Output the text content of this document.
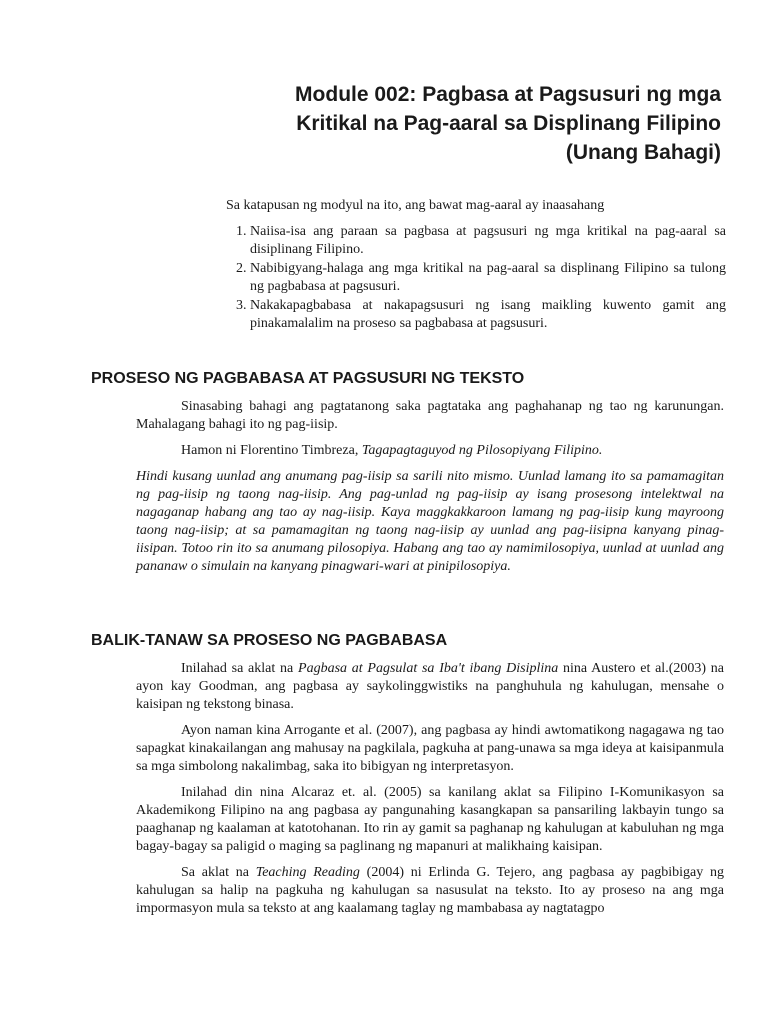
Module 002: Pagbasa at Pagsusuri ng mga
Kritikal na Pag-aaral sa Displinang Filipino
(Unang Bahagi)

Sa katapusan ng modyul na ito, ang bawat mag-aaral ay inaasahang

1. Naiisa-isa ang paraan sa pagbasa at pagsusuri ng mga kritikal na pag-aaral sa disiplinang Filipino.
2. Nabibigyang-halaga ang mga kritikal na pag-aaral sa displinang Filipino sa tulong ng pagbabasa at pagsusuri.
3. Nakakapagbabasa at nakapagsusuri ng isang maikling kuwento gamit ang pinakamalalim na proseso sa pagbabasa at pagsusuri.
PROSESO NG PAGBABASA AT PAGSUSURI NG TEKSTO

Sinasabing bahagi ang pagtatanong saka pagtataka ang paghahanap ng tao ng karunungan. Mahalagang bahagi ito ng pag-iisip.

Hamon ni Florentino Timbreza, Tagapagtaguyod ng Pilosopiyang Filipino.

Hindi kusang uunlad ang anumang pag-iisip sa sarili nito mismo. Uunlad lamang ito sa pamamagitan ng pag-iisip ng taong nag-iisip. Ang pag-unlad ng pag-iisip ay isang prosesong intelektwal na nagaganap habang ang tao ay nag-iisip. Kaya maggkakkaroon lamang ng pag-iisip kung mayroong taong nag-iisip; at sa pamamagitan ng taong nag-iisip ay uunlad ang pag-iisipna kanyang pinag-iisipan. Totoo rin ito sa anumang pilosopiya. Habang ang tao ay namimilosopiya, uunlad at uunlad ang pananaw o simulain na kanyang pinagwari-wari at pinipilosopiya.

BALIK-TANAW SA PROSESO NG PAGBABASA

Inilahad sa aklat na Pagbasa at Pagsulat sa Iba't ibang Disiplina nina Austero et al.(2003) na ayon kay Goodman, ang pagbasa ay saykolinggwistiks na panghuhula ng kahulugan, mensahe o kaisipan ng tekstong binasa.

Ayon naman kina Arrogante et al. (2007), ang pagbasa ay hindi awtomatikong nagagawa ng tao sapagkat kinakailangan ang mahusay na pagkilala, pagkuha at pang-unawa sa mga ideya at kaisipanmula sa mga simbolong nakalimbag, saka ito bibigyan ng interpretasyon.

Inilahad din nina Alcaraz et. al. (2005) sa kanilang aklat sa Filipino I-Komunikasyon sa Akademikong Filipino na ang pagbasa ay pangunahing kasangkapan sa pansariling lakbayin tungo sa paaghanap ng kaalaman at katotohanan. Ito rin ay gamit sa paghanap ng kahulugan at kabuluhan ng mga bagay-bagay sa paligid o maging sa paglinang ng mapanuri at malikhaing kaisipan.

Sa aklat na Teaching Reading (2004) ni Erlinda G. Tejero, ang pagbasa ay pagbibigay ng kahulugan sa halip na pagkuha ng kahulugan sa nasusulat na teksto. Ito ay proseso na ang mga impormasyon mula sa teksto at ang kaalamang taglay ng mambabasa ay nagtatagpo
